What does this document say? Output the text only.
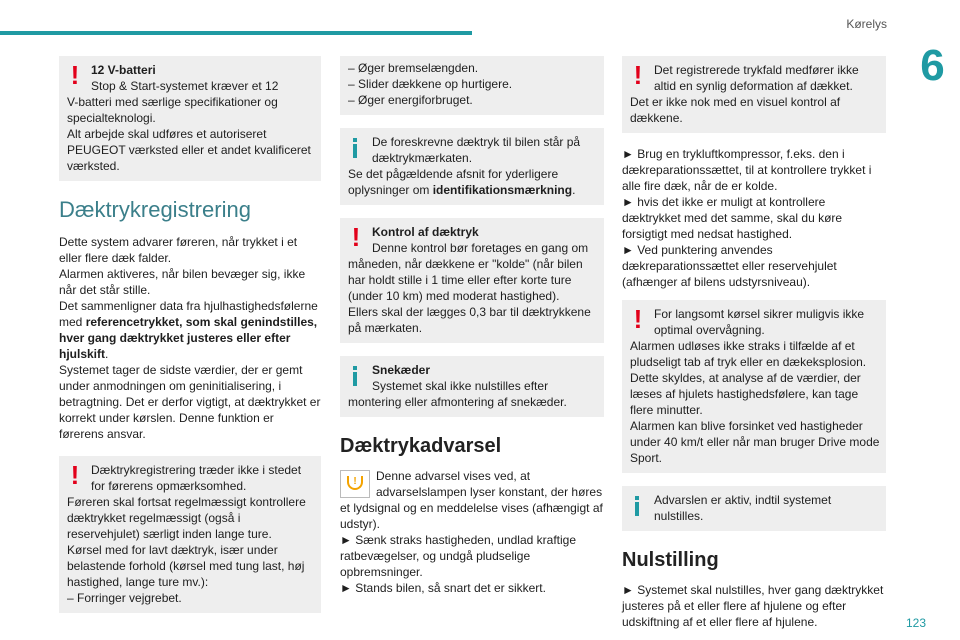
Kørelys
6
123
! 12 V-batteri
Stop & Start-systemet kræver et 12
V-batteri med særlige specifikationer og specialteknologi.
Alt arbejde skal udføres et autoriseret PEUGEOT værksted eller et andet kvalificeret værksted.
Dæktrykregistrering

Dette system advarer føreren, når trykket i et eller flere dæk falder.

Alarmen aktiveres, når bilen bevæger sig, ikke når det står stille.

Det sammenligner data fra hjulhastighedsfølerne med referencetrykket, som skal genindstilles, hver gang dæktrykket justeres eller efter hjulskift.

Systemet tager de sidste værdier, der er gemt under anmodningen om geninitialisering, i betragtning. Det er derfor vigtigt, at dæktrykket er korrekt under kørslen. Denne funktion er førerens ansvar.

! Dæktrykregistrering træder ikke i stedet for førerens opmærksomhed.
Føreren skal fortsat regelmæssigt kontrollere dæktrykket regelmæssigt (også i reservehjulet) særligt inden lange ture.
Kørsel med for lavt dæktryk, især under belastende forhold (kørsel med tung last, høj hastighed, lange ture mv.):
– Forringer vejgrebet.
– Øger bremselængden.
– Slider dækkene op hurtigere.
– Øger energiforbruget.
De foreskrevne dæktryk til bilen står på dæktrykmærkaten.
Se det pågældende afsnit for yderligere oplysninger om identifikationsmærkning.
! Kontrol af dæktryk
Denne kontrol bør foretages en gang om
måneden, når dækkene er "kolde" (når bilen har holdt stille i 1 time eller efter korte ture (under 10 km) med moderat hastighed).
Ellers skal der lægges 0,3 bar til dæktrykkene på mærkaten.
Snekæder
Systemet skal ikke nulstilles efter
montering eller afmontering af snekæder.
Dæktrykadvarsel
!	Denne advarsel vises ved, at advarselslampen lyser konstant, der høres et lydsignal og en meddelelse vises (afhængigt af udstyr).

► Sænk straks hastigheden, undlad kraftige ratbevægelser, og undgå pludselige opbremsninger.

► Stands bilen, så snart det er sikkert.

! Det registrerede trykfald medfører ikke altid en synlig deformation af dækket.
Det er ikke nok med en visuel kontrol af dækkene.

► Brug en trykluftkompressor, f.eks. den i dækreparationssættet, til at kontrollere trykket i alle fire dæk, når de er kolde.

► hvis det ikke er muligt at kontrollere dæktrykket med det samme, skal du køre forsigtigt med nedsat hastighed.

► Ved punktering anvendes dækreparationssættet eller reservehjulet (afhænger af bilens udstyrsniveau).

! For langsomt kørsel sikrer muligvis ikke optimal overvågning.
Alarmen udløses ikke straks i tilfælde af et pludseligt tab af tryk eller en dækeksplosion.
Dette skyldes, at analyse af de værdier, der læses af hjulets hastighedsfølere, kan tage flere minutter.
Alarmen kan blive forsinket ved hastigheder under 40 km/t eller når man bruger Drive mode Sport.
Advarslen er aktiv, indtil systemet nulstilles.
Nulstilling

► Systemet skal nulstilles, hver gang dæktrykket justeres på et eller flere af hjulene og efter udskiftning af et eller flere af hjulene.
